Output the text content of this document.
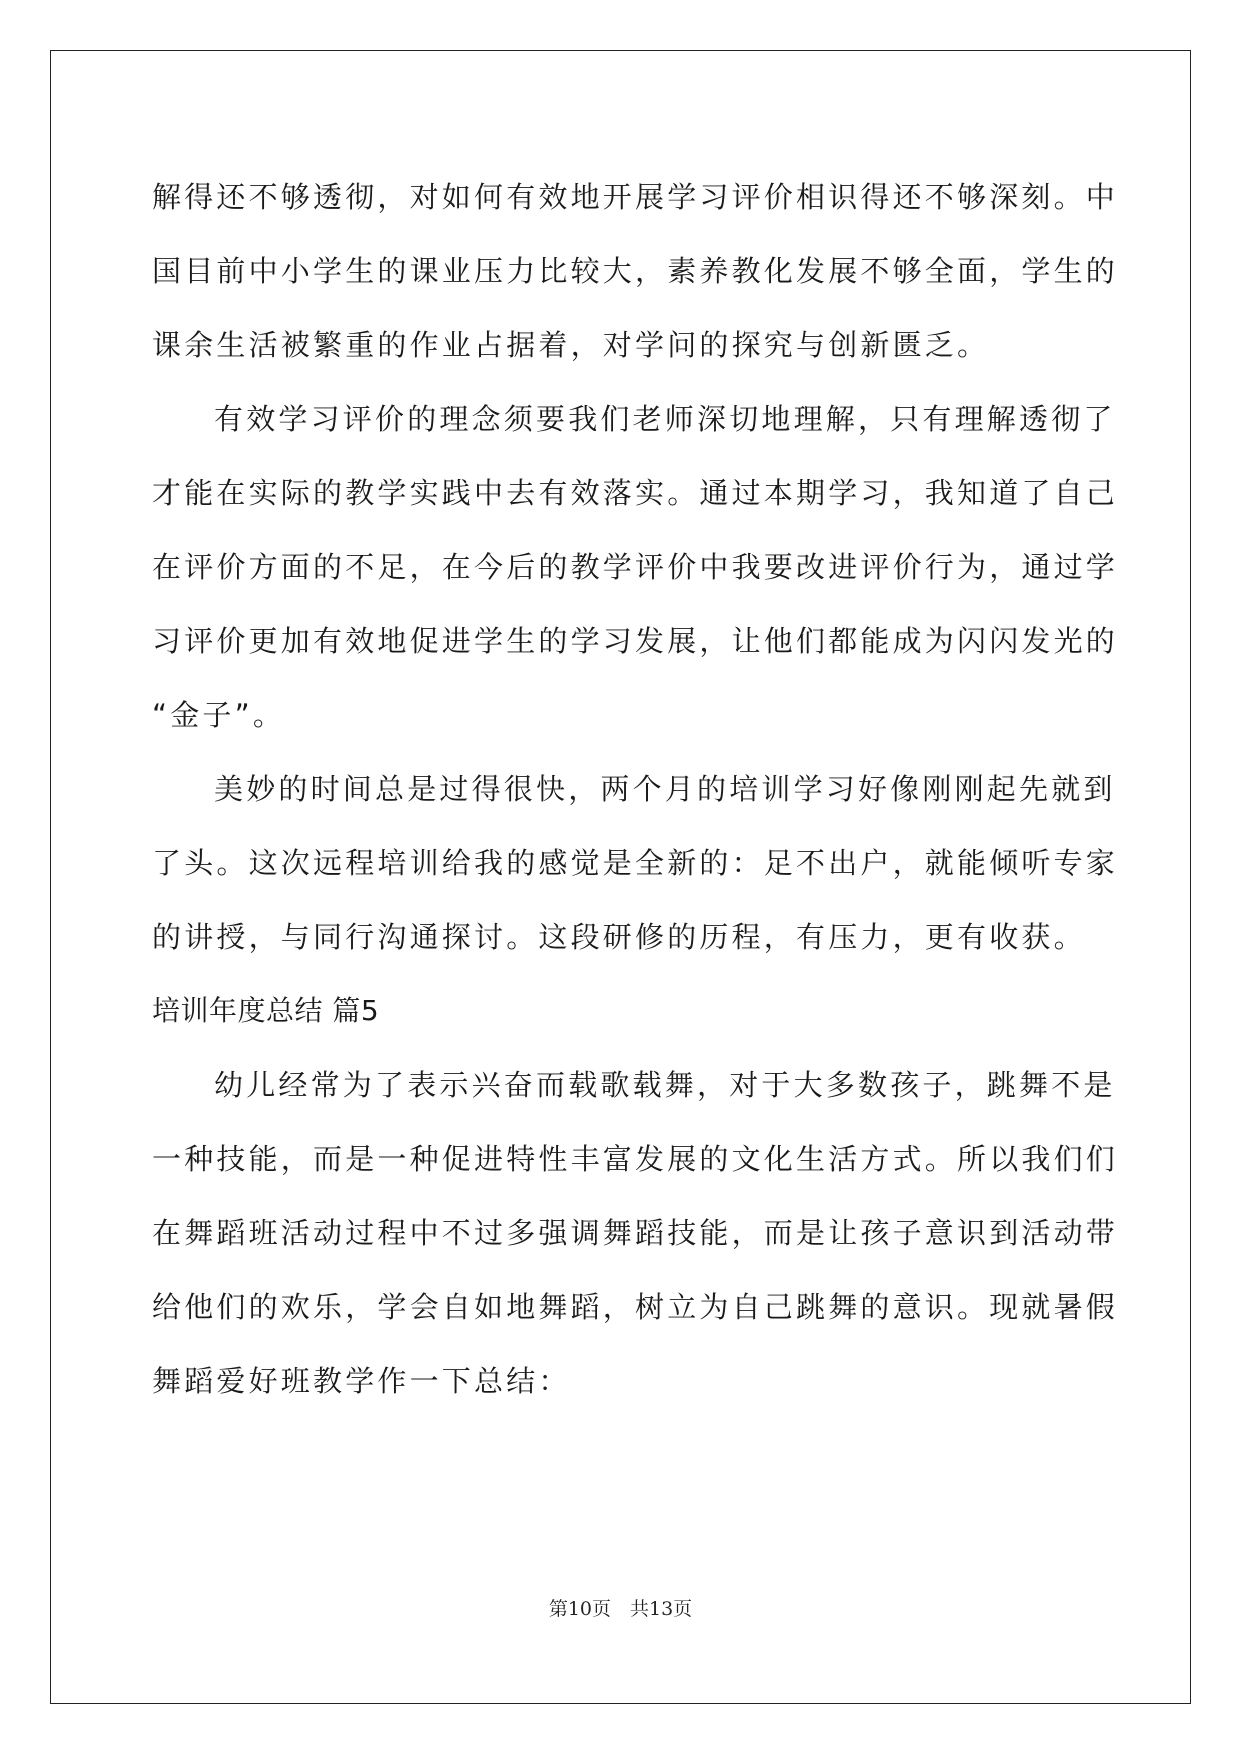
解得还不够透彻，对如何有效地开展学习评价相识得还不够深刻。中
国目前中小学生的课业压力比较大，素养教化发展不够全面，学生的
课余生活被繁重的作业占据着，对学问的探究与创新匮乏。
有效学习评价的理念须要我们老师深切地理解，只有理解透彻了
才能在实际的教学实践中去有效落实。通过本期学习，我知道了自己
在评价方面的不足，在今后的教学评价中我要改进评价行为，通过学
习评价更加有效地促进学生的学习发展，让他们都能成为闪闪发光的
“金子”。
美妙的时间总是过得很快，两个月的培训学习好像刚刚起先就到
了头。这次远程培训给我的感觉是全新的：足不出户，就能倾听专家
的讲授，与同行沟通探讨。这段研修的历程，有压力，更有收获。
培训年度总结 篇5
幼儿经常为了表示兴奋而载歌载舞，对于大多数孩子，跳舞不是
一种技能，而是一种促进特性丰富发展的文化生活方式。所以我们们
在舞蹈班活动过程中不过多强调舞蹈技能，而是让孩子意识到活动带
给他们的欢乐，学会自如地舞蹈，树立为自己跳舞的意识。现就暑假
舞蹈爱好班教学作一下总结：
第10页　共13页
